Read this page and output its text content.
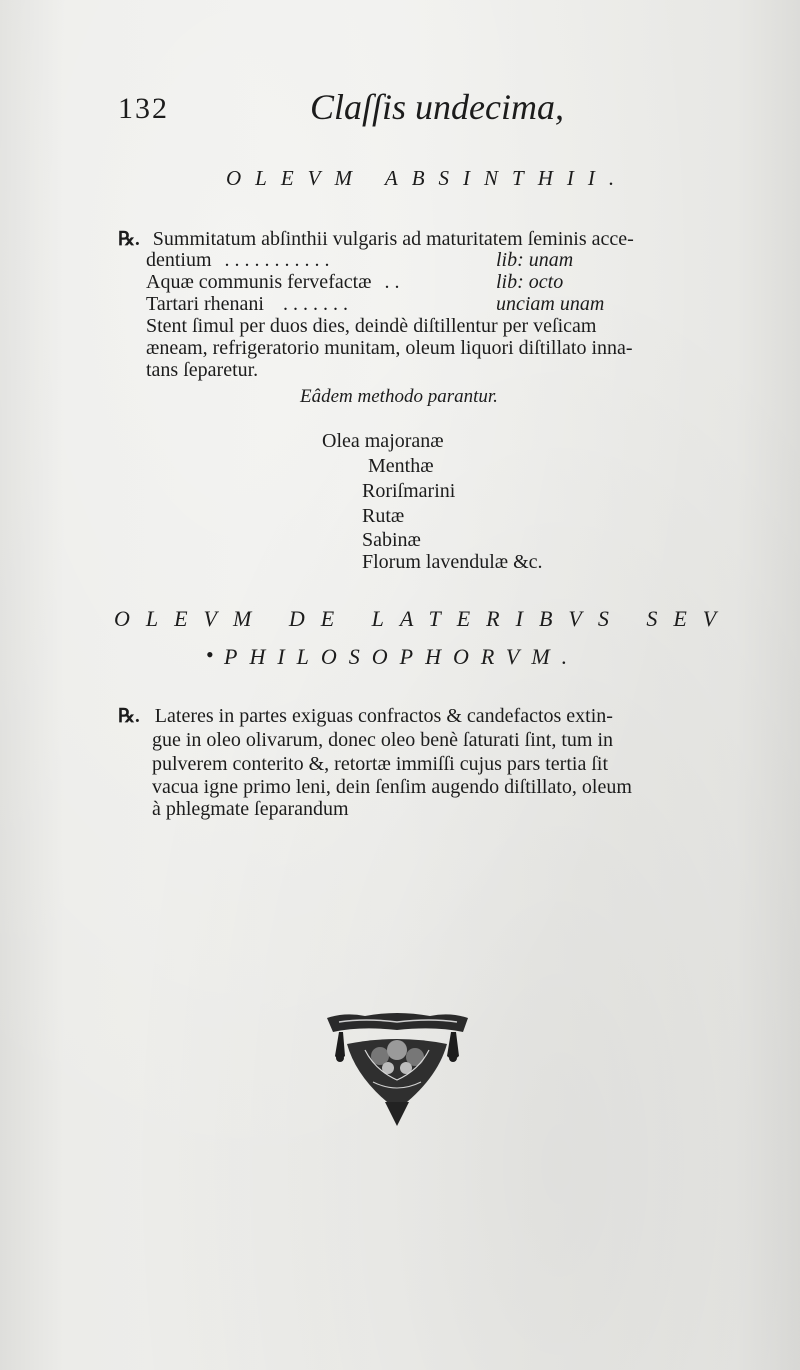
132	Claſſis undecima,
OLEVM ABSINTHII.
℞. Summitatum abſinthii vulgaris ad maturitatem ſeminis acce-
dentium . . . . . . . . . . .	lib: unam
Aquæ communis fervefactæ . .	lib: octo
Tartari rhenani . . . . . . .	unciam unam
Stent ſimul per duos dies, deindè diſtillentur per veſicam
æneam, refrigeratorio munitam, oleum liquori diſtillato inna-
tans ſeparetur.
Eâdem methodo parantur.
Olea majoranæ
Menthæ
Roriſmarini
Rutæ
Sabinæ
Florum lavendulæ &c.
OLEVM DE LATERIBVS SEV
• PHILOSOPHORVM.
℞. Lateres in partes exiguas confractos & candefactos extin-
gue in oleo olivarum, donec oleo benè ſaturati ſint, tum in
pulverem conterito &, retortæ immiſſi cujus pars tertia ſit
vacua igne primo leni, dein ſenſim augendo diſtillato, oleum
à phlegmate ſeparandum
